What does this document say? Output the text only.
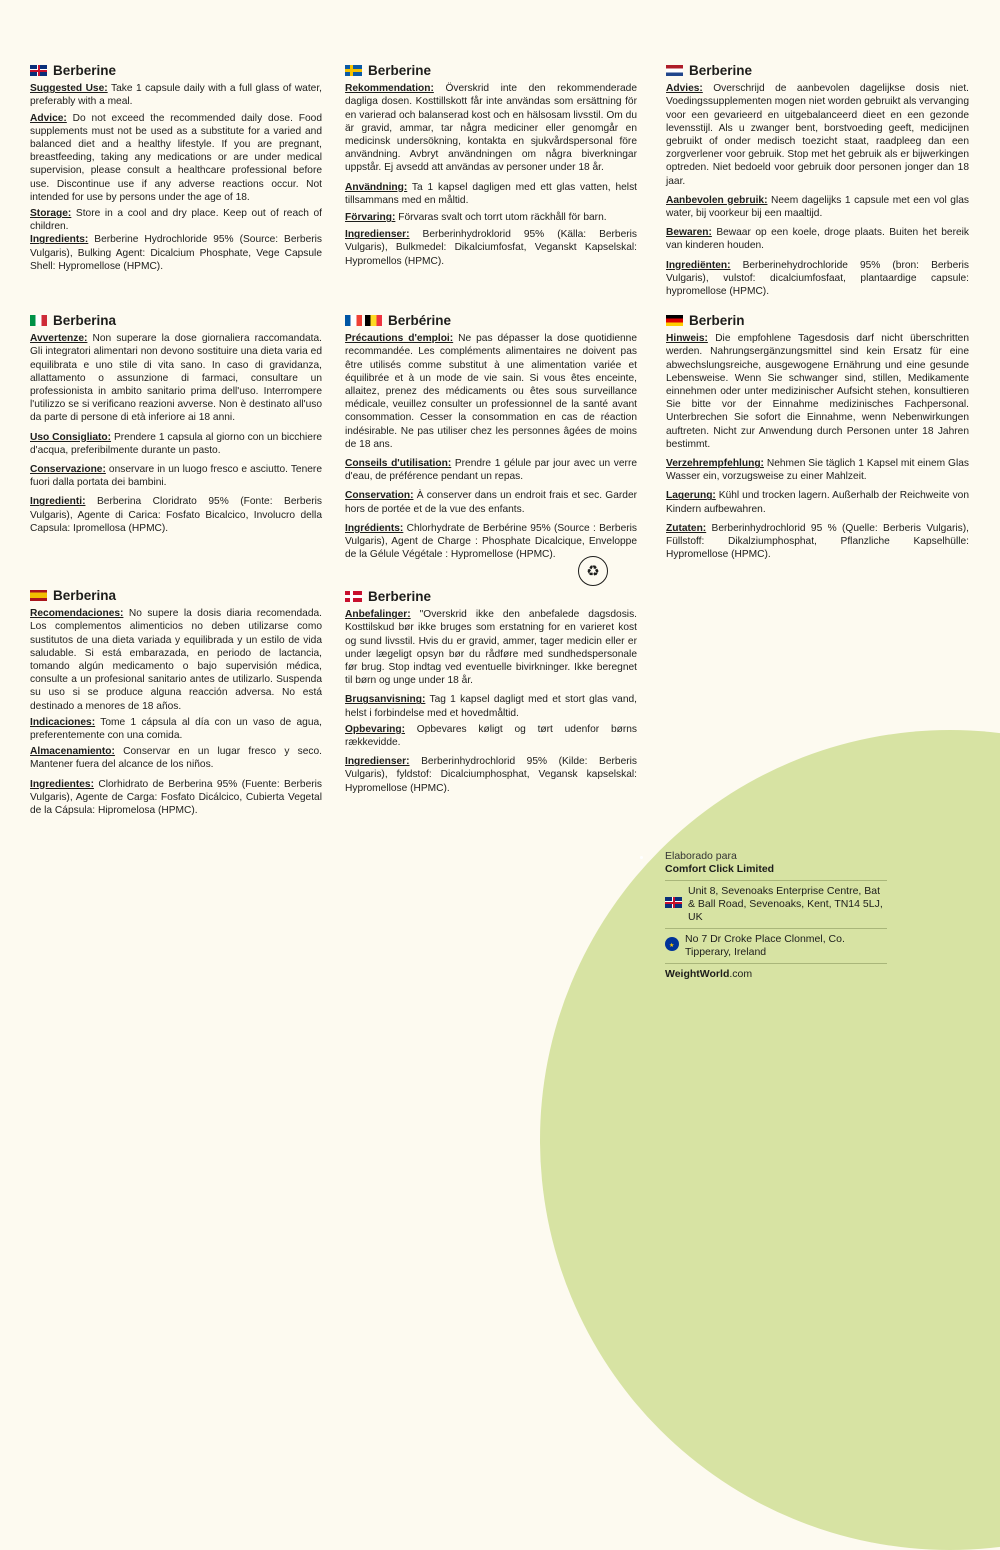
Berberine

Suggested Use: Take 1 capsule daily with a full glass of water, preferably with a meal.

Advice: Do not exceed the recommended daily dose. Food supplements must not be used as a substitute for a varied and balanced diet and a healthy lifestyle. If you are pregnant, breastfeeding, taking any medications or are under medical supervision, please consult a healthcare professional before use. Discontinue use if any adverse reactions occur. Not intended for use by persons under the age of 18.

Storage: Store in a cool and dry place. Keep out of reach of children.

Ingredients: Berberine Hydrochloride 95% (Source: Berberis Vulgaris), Bulking Agent: Dicalcium Phosphate, Vege Capsule Shell: Hypromellose (HPMC).

Berberine

Rekommendation: Överskrid inte den rekommenderade dagliga dosen. Kosttillskott får inte användas som ersättning för en varierad och balanserad kost och en hälsosam livsstil. Om du är gravid, ammar, tar några mediciner eller genomgår en medicinsk undersökning, kontakta en sjukvårdspersonal före användning. Avbryt användningen om några biverkningar uppstår. Ej avsedd att användas av personer under 18 år.

Användning: Ta 1 kapsel dagligen med ett glas vatten, helst tillsammans med en måltid.

Förvaring: Förvaras svalt och torrt utom räckhåll för barn.

Ingredienser: Berberinhydroklorid 95% (Källa: Berberis Vulgaris), Bulkmedel: Dikalciumfosfat, Veganskt Kapselskal: Hypromellos (HPMC).

Berberine

Advies: Overschrijd de aanbevolen dagelijkse dosis niet. Voedingssupplementen mogen niet worden gebruikt als vervanging voor een gevarieerd en uitgebalanceerd dieet en een gezonde levensstijl. Als u zwanger bent, borstvoeding geeft, medicijnen gebruikt of onder medisch toezicht staat, raadpleeg dan een zorgverlener voor gebruik. Stop met het gebruik als er bijwerkingen optreden. Niet bedoeld voor gebruik door personen jonger dan 18 jaar.

Aanbevolen gebruik: Neem dagelijks 1 capsule met een vol glas water, bij voorkeur bij een maaltijd.

Bewaren: Bewaar op een koele, droge plaats. Buiten het bereik van kinderen houden.

Ingrediënten: Berberinehydrochloride 95% (bron: Berberis Vulgaris), vulstof: dicalciumfosfaat, plantaardige capsule: hypromellose (HPMC).

Berberina

Avvertenze: Non superare la dose giornaliera raccomandata. Gli integratori alimentari non devono sostituire una dieta varia ed equilibrata e uno stile di vita sano. In caso di gravidanza, allattamento o assunzione di farmaci, consultare un professionista in ambito sanitario prima dell'uso. Interrompere l'utilizzo se si verificano reazioni avverse. Non è destinato all'uso da parte di persone di età inferiore ai 18 anni.

Uso Consigliato: Prendere 1 capsula al giorno con un bicchiere d'acqua, preferibilmente durante un pasto.

Conservazione: onservare in un luogo fresco e asciutto. Tenere fuori dalla portata dei bambini.

Ingredienti: Berberina Cloridrato 95% (Fonte: Berberis Vulgaris), Agente di Carica: Fosfato Bicalcico, Involucro della Capsula: Ipromellosa (HPMC).

Berbérine

Précautions d'emploi: Ne pas dépasser la dose quotidienne recommandée. Les compléments alimentaires ne doivent pas être utilisés comme substitut à une alimentation variée et équilibrée et à un mode de vie sain. Si vous êtes enceinte, allaitez, prenez des médicaments ou êtes sous surveillance médicale, veuillez consulter un professionnel de la santé avant consommation. Cesser la consommation en cas de réaction indésirable. Ne pas utiliser chez les personnes âgées de moins de 18 ans.

Conseils d'utilisation: Prendre 1 gélule par jour avec un verre d'eau, de préférence pendant un repas.

Conservation: À conserver dans un endroit frais et sec. Garder hors de portée et de la vue des enfants.

Ingrédients: Chlorhydrate de Berbérine 95% (Source : Berberis Vulgaris), Agent de Charge : Phosphate Dicalcique, Enveloppe de la Gélule Végétale : Hypromellose (HPMC).

Berberin

Hinweis: Die empfohlene Tagesdosis darf nicht überschritten werden. Nahrungsergänzungsmittel sind kein Ersatz für eine abwechslungsreiche, ausgewogene Ernährung und eine gesunde Lebensweise. Wenn Sie schwanger sind, stillen, Medikamente einnehmen oder unter medizinischer Aufsicht stehen, konsultieren Sie bitte vor der Einnahme medizinisches Fachpersonal. Unterbrechen Sie sofort die Einnahme, wenn Nebenwirkungen auftreten. Nicht zur Anwendung durch Personen unter 18 Jahren bestimmt.

Verzehrempfehlung: Nehmen Sie täglich 1 Kapsel mit einem Glas Wasser ein, vorzugsweise zu einer Mahlzeit.

Lagerung: Kühl und trocken lagern. Außerhalb der Reichweite von Kindern aufbewahren.

Zutaten: Berberinhydrochlorid 95 % (Quelle: Berberis Vulgaris), Füllstoff: Dikalziumphosphat, Pflanzliche Kapselhülle: Hypromellose (HPMC).

Berberina

Recomendaciones: No supere la dosis diaria recomendada. Los complementos alimenticios no deben utilizarse como sustitutos de una dieta variada y equilibrada y un estilo de vida saludable. Si está embarazada, en periodo de lactancia, tomando algún medicamento o bajo supervisión médica, consulte a un profesional sanitario antes de utilizarlo. Suspenda su uso si se produce alguna reacción adversa. No está destinado a menores de 18 años.

Indicaciones: Tome 1 cápsula al día con un vaso de agua, preferentemente con una comida.

Almacenamiento: Conservar en un lugar fresco y seco. Mantener fuera del alcance de los niños.

Ingredientes: Clorhidrato de Berberina 95% (Fuente: Berberis Vulgaris), Agente de Carga: Fosfato Dicálcico, Cubierta Vegetal de la Cápsula: Hipromelosa (HPMC).

Berberine

Anbefalinger: "Overskrid ikke den anbefalede dagsdosis. Kosttilskud bør ikke bruges som erstatning for en varieret kost og sund livsstil. Hvis du er gravid, ammer, tager medicin eller er under lægeligt opsyn bør du rådføre med sundhedspersonale før brug. Stop indtag ved eventuelle bivirkninger. Ikke beregnet til børn og unge under 18 år.

Brugsanvisning: Tag 1 kapsel dagligt med et stort glas vand, helst i forbindelse med et hovedmåltid.

Opbevaring: Opbevares køligt og tørt udenfor børns rækkevidde.

Ingredienser: Berberinhydrochlorid 95% (Kilde: Berberis Vulgaris), fyldstof: Dicalciumphosphat, Vegansk kapselskal: Hypromellose (HPMC).

♻
Elaborado para
Comfort Click Limited
Unit 8, Sevenoaks Enterprise Centre, Bat & Ball Road, Sevenoaks, Kent, TN14 5LJ, UK
★
No 7 Dr Croke Place Clonmel, Co. Tipperary, Ireland
WeightWorld.com
